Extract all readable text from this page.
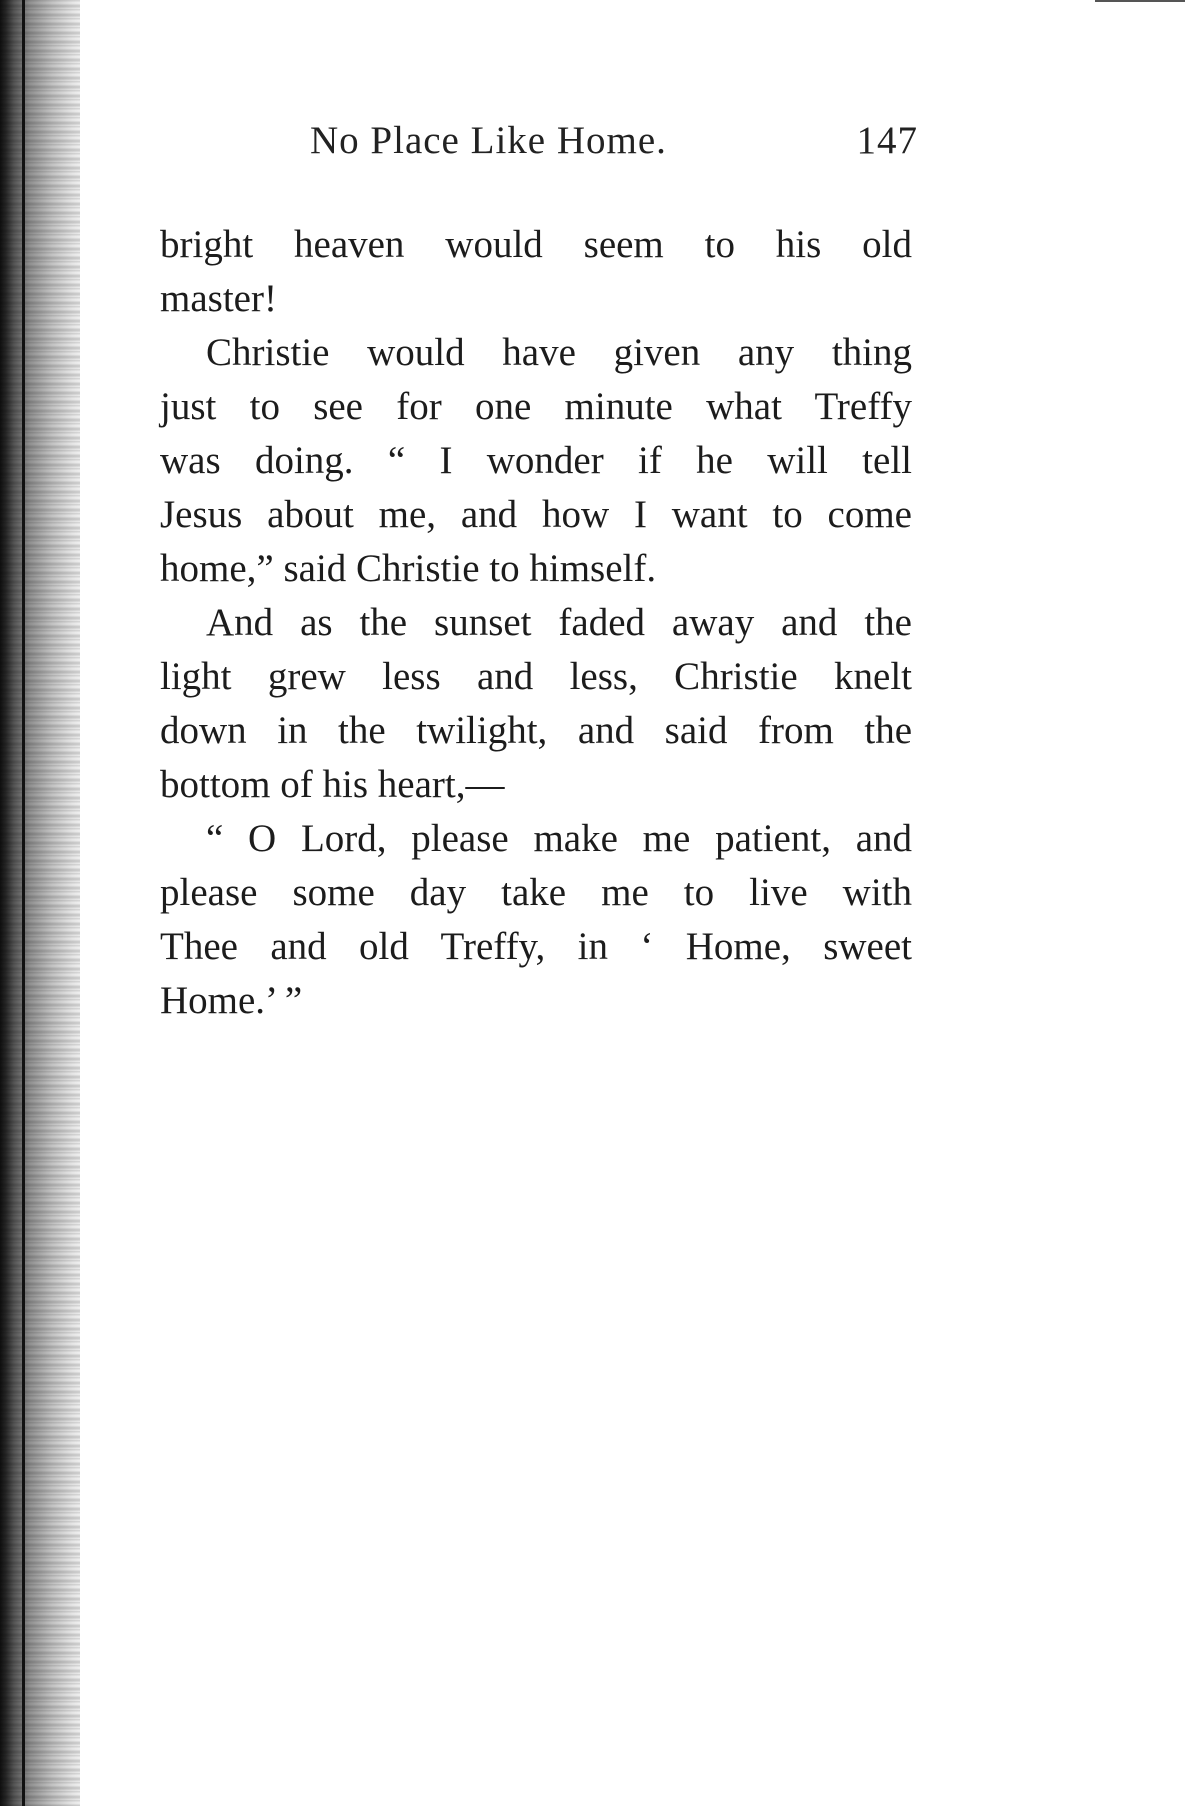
No Place Like Home.	147

bright heaven would seem to his old
master!

Christie would have given any thing
just to see for one minute what Treffy
was doing. “ I wonder if he will tell
Jesus about me, and how I want to come
home,” said Christie to himself.

And as the sunset faded away and the
light grew less and less, Christie knelt
down in the twilight, and said from the
bottom of his heart,—

“ O Lord, please make me patient, and
please some day take me to live with
Thee and old Treffy, in ‘ Home, sweet
Home.’ ”
